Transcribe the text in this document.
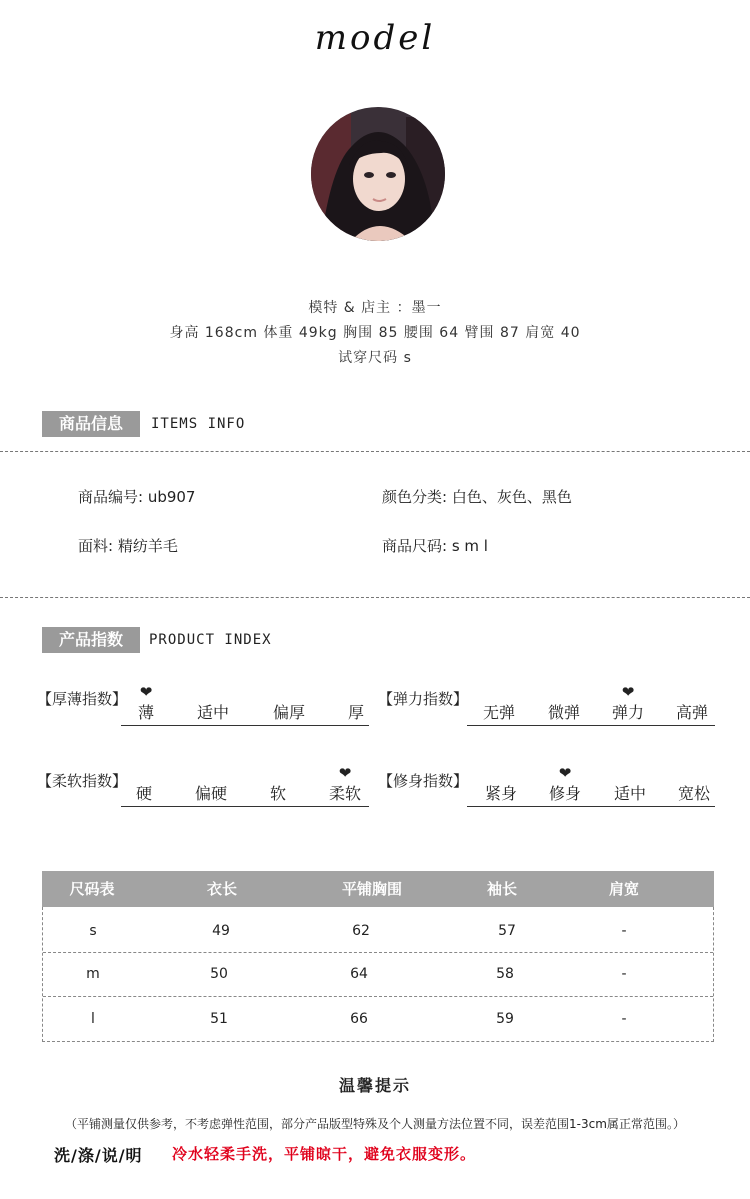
model
模特 & 店主 ：墨一
身高 168cm 体重 49kg 胸围 85 腰围 64 臂围 87 肩宽 40
试穿尺码 s
商品信息	ITEMS INFO
商品编号: ub907	颜色分类: 白色、灰色、黑色
面料: 精纺羊毛	商品尺码: s m l
产品指数	PRODUCT INDEX
【厚薄指数】 ❤
薄	适中	偏厚	厚
【弹力指数】	❤
无弹	微弹	弹力	高弹
【柔软指数】	❤
硬	偏硬	软	柔软
【修身指数】	❤
紧身	修身	适中	宽松
尺码表	衣长	平铺胸围	袖长	肩宽
s	49	62	57	-
m	50	64	58	-
l	51	66	59	-
温馨提示
（平铺测量仅供参考，不考虑弹性范围，部分产品版型特殊及个人测量方法位置不同，误差范围1-3cm属正常范围。）
洗/涤/说/明 冷水轻柔手洗，平铺晾干，避免衣服变形。
